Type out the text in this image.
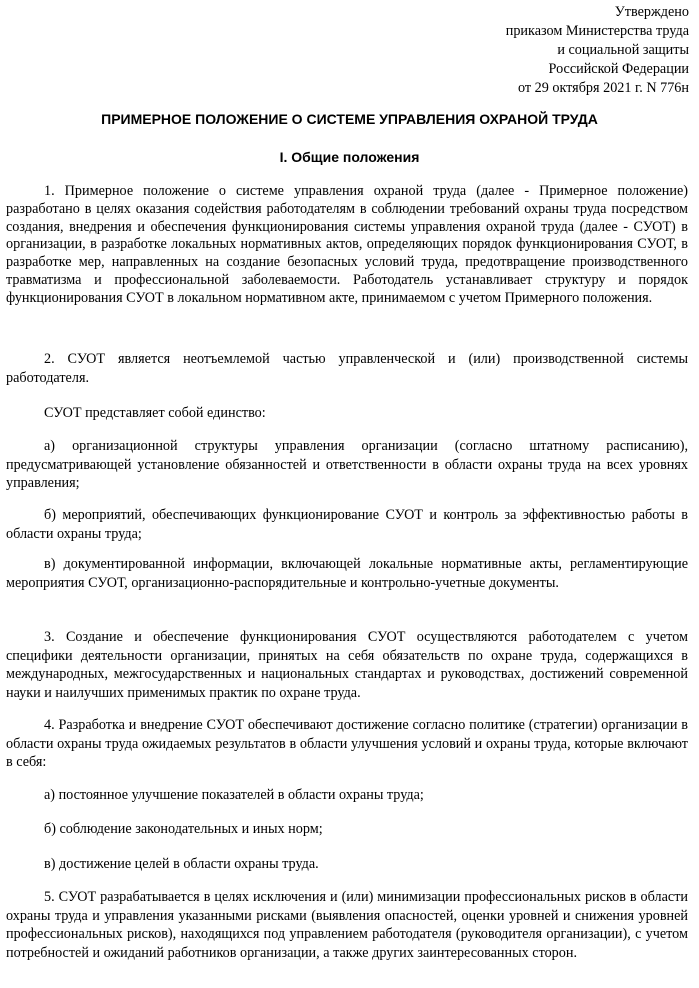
Утверждено
приказом Министерства труда
и социальной защиты
Российской Федерации
от 29 октября 2021 г. N 776н
ПРИМЕРНОЕ ПОЛОЖЕНИЕ О СИСТЕМЕ УПРАВЛЕНИЯ ОХРАНОЙ ТРУДА
I. Общие положения
1. Примерное положение о системе управления охраной труда (далее - Примерное положение) разработано в целях оказания содействия работодателям в соблюдении требований охраны труда посредством создания, внедрения и обеспечения функционирования системы управления охраной труда (далее - СУОТ) в организации, в разработке локальных нормативных актов, определяющих порядок функционирования СУОТ, в разработке мер, направленных на создание безопасных условий труда, предотвращение производственного травматизма и профессиональной заболеваемости. Работодатель устанавливает структуру и порядок функционирования СУОТ в локальном нормативном акте, принимаемом с учетом Примерного положения.
2. СУОТ является неотъемлемой частью управленческой и (или) производственной системы работодателя.
СУОТ представляет собой единство:
а) организационной структуры управления организации (согласно штатному расписанию), предусматривающей установление обязанностей и ответственности в области охраны труда на всех уровнях управления;
б) мероприятий, обеспечивающих функционирование СУОТ и контроль за эффективностью работы в области охраны труда;
в) документированной информации, включающей локальные нормативные акты, регламентирующие мероприятия СУОТ, организационно-распорядительные и контрольно-учетные документы.
3. Создание и обеспечение функционирования СУОТ осуществляются работодателем с учетом специфики деятельности организации, принятых на себя обязательств по охране труда, содержащихся в международных, межгосударственных и национальных стандартах и руководствах, достижений современной науки и наилучших применимых практик по охране труда.
4. Разработка и внедрение СУОТ обеспечивают достижение согласно политике (стратегии) организации в области охраны труда ожидаемых результатов в области улучшения условий и охраны труда, которые включают в себя:
а) постоянное улучшение показателей в области охраны труда;
б) соблюдение законодательных и иных норм;
в) достижение целей в области охраны труда.
5. СУОТ разрабатывается в целях исключения и (или) минимизации профессиональных рисков в области охраны труда и управления указанными рисками (выявления опасностей, оценки уровней и снижения уровней профессиональных рисков), находящихся под управлением работодателя (руководителя организации), с учетом потребностей и ожиданий работников организации, а также других заинтересованных сторон.
